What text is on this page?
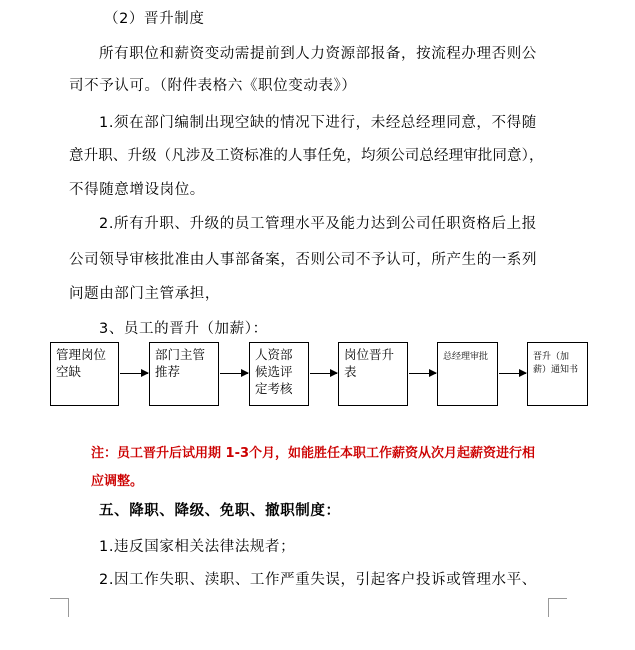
（2）晋升制度
所有职位和薪资变动需提前到人力资源部报备，按流程办理否则公
司不予认可。（附件表格六《职位变动表》）
1.须在部门编制出现空缺的情况下进行，未经总经理同意，不得随
意升职、升级（凡涉及工资标准的人事任免，均须公司总经理审批同意），
不得随意增设岗位。
2.所有升职、升级的员工管理水平及能力达到公司任职资格后上报
公司领导审核批准由人事部备案，否则公司不予认可，所产生的一系列
问题由部门主管承担，
3、员工的晋升（加薪）：
管理岗位空缺
部门主管推荐
人资部候选评定考核
岗位晋升表
总经理审批	晋升（加薪）通知书
注：员工晋升后试用期 1-3个月，如能胜任本职工作薪资从次月起薪资进行相
应调整。
五、降职、降级、免职、撤职制度：
1.违反国家相关法律法规者；
2.因工作失职、渎职、工作严重失误，引起客户投诉或管理水平、
